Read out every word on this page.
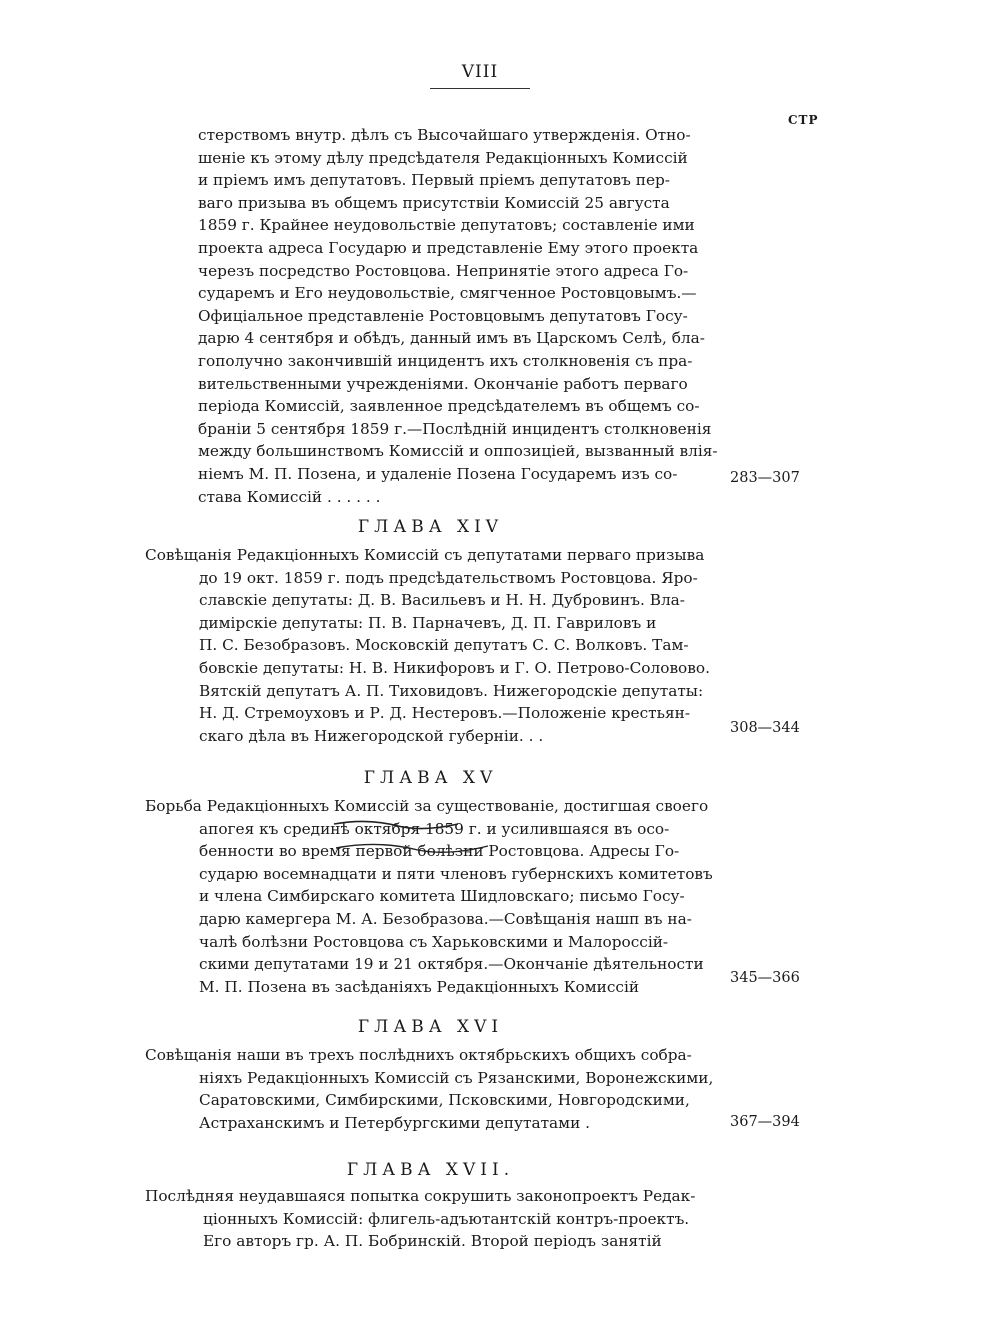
VIII
СТР
стерствомъ внутр. дѣлъ съ Высочайшаго утвержденія. Отно-
шеніе къ этому дѣлу предсѣдателя Редакціонныхъ Комиссій
и пріемъ имъ депутатовъ. Первый пріемъ депутатовъ пер-
ваго призыва въ общемъ присутствіи Комиссій 25 августа
1859 г. Крайнее неудовольствіе депутатовъ; составленіе ими
проекта адреса Государю и представленіе Ему этого проекта
черезъ посредство Ростовцова. Непринятіе этого адреса Го-
сударемъ и Его неудовольствіе, смягченное Ростовцовымъ.—
Офиціальное представленіе Ростовцовымъ депутатовъ Госу-
дарю 4 сентября и обѣдъ, данный имъ въ Царскомъ Селѣ, бла-
гополучно закончившій инцидентъ ихъ столкновенія съ пра-
вительственными учрежденіями. Окончаніе работъ перваго
періода Комиссій, заявленное предсѣдателемъ въ общемъ со-
браніи 5 сентября 1859 г.—Послѣдній инцидентъ столкновенія
между большинствомъ Комиссій и оппозиціей, вызванный влія-
ніемъ М. П. Позена, и удаленіе Позена Государемъ изъ со-
става Комиссій . . . . . .
283—307
ГЛАВА XIV
Совѣщанія Редакціонныхъ Комиссій съ депутатами перваго призыва
до 19 окт. 1859 г. подъ предсѣдательствомъ Ростовцова. Яро-
славскіе депутаты: Д. В. Васильевъ и Н. Н. Дубровинъ. Вла-
димірскіе депутаты: П. В. Парначевъ, Д. П. Гавриловъ и
П. С. Безобразовъ. Московскій депутатъ С. С. Волковъ. Там-
бовскіе депутаты: Н. В. Никифоровъ и Г. О. Петрово-Соловово.
Вятскій депутатъ А. П. Тиховидовъ. Нижегородскіе депутаты:
Н. Д. Стремоуховъ и Р. Д. Нестеровъ.—Положеніе крестьян-
скаго дѣла въ Нижегородской губерніи. . .	308—344
ГЛАВА XV
Борьба Редакціонныхъ Комиссій за существованіе, достигшая своего
апогея къ срединѣ октября 1859 г. и усилившаяся въ осо-
бенности во время первой болѣзни Ростовцова. Адресы Го-
сударю восемнадцати и пяти членовъ губернскихъ комитетовъ
и члена Симбирскаго комитета Шидловскаго; письмо Госу-
дарю камергера М. А. Безобразова.—Совѣщанія нашп въ на-
чалѣ болѣзни Ростовцова съ Харьковскими и Малороссій-
скими депутатами 19 и 21 октября.—Окончаніе дѣятельности
М. П. Позена въ засѣданіяхъ Редакціонныхъ Комиссій	345—366
ГЛАВА XVI
Совѣщанія наши въ трехъ послѣднихъ октябрьскихъ общихъ собра-
ніяхъ Редакціонныхъ Комиссій съ Рязанскими, Воронежскими,
Саратовскими, Симбирскими, Псковскими, Новгородскими,
Астраханскимъ и Петербургскими депутатами .	367—394
ГЛАВА XVII.
Послѣдняя неудавшаяся попытка сокрушить законопроектъ Редак-
ціонныхъ Комиссій: флигель-адъютантскій контръ-проектъ.
Его авторъ гр. А. П. Бобринскій. Второй періодъ занятій
